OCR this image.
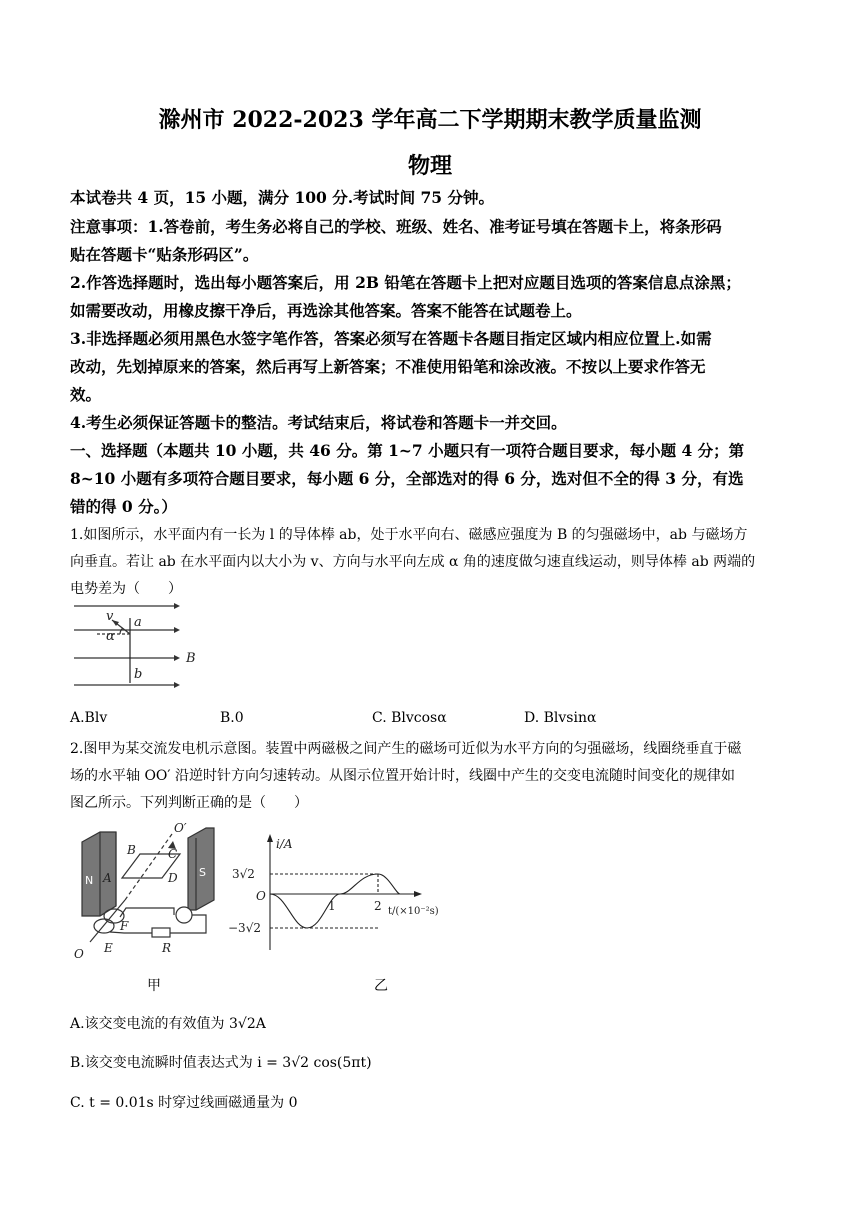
滁州市 2022-2023 学年高二下学期期末教学质量监测
物理
本试卷共 4 页，15 小题，满分 100 分.考试时间 75 分钟。
注意事项：1.答卷前，考生务必将自己的学校、班级、姓名、准考证号填在答题卡上，将条形码
贴在答题卡“贴条形码区”。
2.作答选择题时，选出每小题答案后，用 2B 铅笔在答题卡上把对应题目选项的答案信息点涂黑；
如需要改动，用橡皮擦干净后，再选涂其他答案。答案不能答在试题卷上。
3.非选择题必须用黑色水签字笔作答，答案必须写在答题卡各题目指定区域内相应位置上.如需
改动，先划掉原来的答案，然后再写上新答案；不准使用铅笔和涂改液。不按以上要求作答无
效。
4.考生必须保证答题卡的整洁。考试结束后，将试卷和答题卡一并交回。
一、选择题（本题共 10 小题，共 46 分。第 1~7 小题只有一项符合题目要求，每小题 4 分；第
8~10 小题有多项符合题目要求，每小题 6 分，全部选对的得 6 分，选对但不全的得 3 分，有选
错的得 0 分。）
1.如图所示，水平面内有一长为 l 的导体棒 ab，处于水平向右、磁感应强度为 B 的匀强磁场中，ab 与磁场方
向垂直。若让 ab 在水平面内以大小为 v、方向与水平向左成 α 角的速度做匀速直线运动，则导体棒 ab 两端的
电势差为（　　）
v
α
a
b
B
A.Blv	B.0	C. Blvcosα	D. Blvsinα
2.图甲为某交流发电机示意图。装置中两磁极之间产生的磁场可近似为水平方向的匀强磁场，线圈绕垂直于磁
场的水平轴 OO′ 沿逆时针方向匀速转动。从图示位置开始计时，线圈中产生的交变电流随时间变化的规律如
图乙所示。下列判断正确的是（　　）
O′
B	C
A	D
F
E	R
O
N
S
甲
i/A
3√2
O
−3√2
1	2 t/(×10⁻²s)
乙
A.该交变电流的有效值为 3√2A
B.该交变电流瞬时值表达式为 i = 3√2 cos(5πt)
C. t = 0.01s 时穿过线画磁通量为 0
